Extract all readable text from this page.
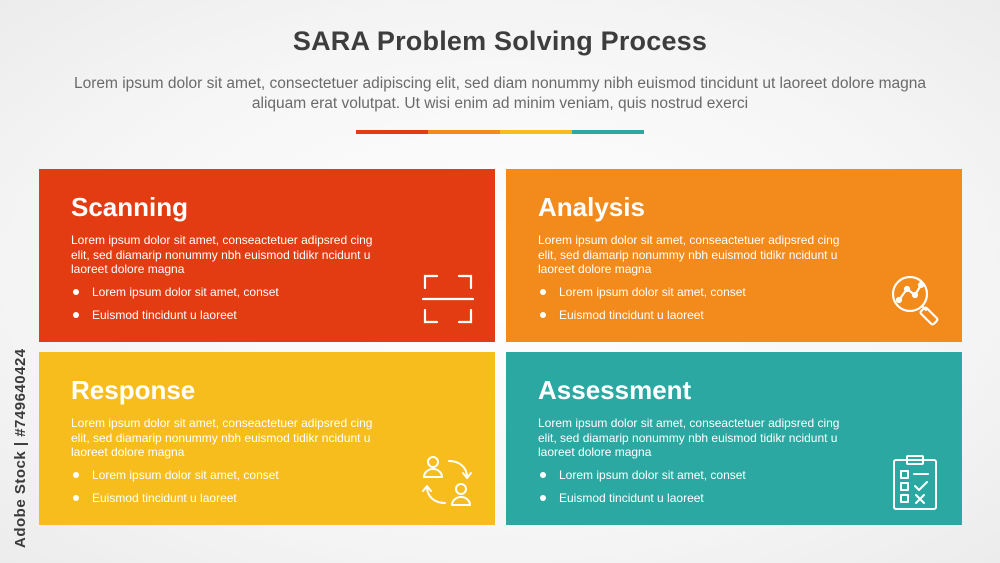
SARA Problem Solving Process
Lorem ipsum dolor sit amet, consectetuer adipiscing elit, sed diam nonummy nibh euismod tincidunt ut laoreet dolore magna aliquam erat volutpat. Ut wisi enim ad minim veniam, quis nostrud exerci
Scanning
Lorem ipsum dolor sit amet, conseactetuer adipsred cing elit, sed diamarip nonummy nbh euismod tidikr ncidunt u laoreet dolore magna
Lorem ipsum dolor sit amet, conset
Euismod tincidunt u laoreet
Analysis
Lorem ipsum dolor sit amet, conseactetuer adipsred cing elit, sed diamarip nonummy nbh euismod tidikr ncidunt u laoreet dolore magna
Lorem ipsum dolor sit amet, conset
Euismod tincidunt u laoreet
Response
Lorem ipsum dolor sit amet, conseactetuer adipsred cing elit, sed diamarip nonummy nbh euismod tidikr ncidunt u laoreet dolore magna
Lorem ipsum dolor sit amet, conset
Euismod tincidunt u laoreet
Assessment
Lorem ipsum dolor sit amet, conseactetuer adipsred cing elit, sed diamarip nonummy nbh euismod tidikr ncidunt u laoreet dolore magna
Lorem ipsum dolor sit amet, conset
Euismod tincidunt u laoreet
Adobe Stock | #749640424
